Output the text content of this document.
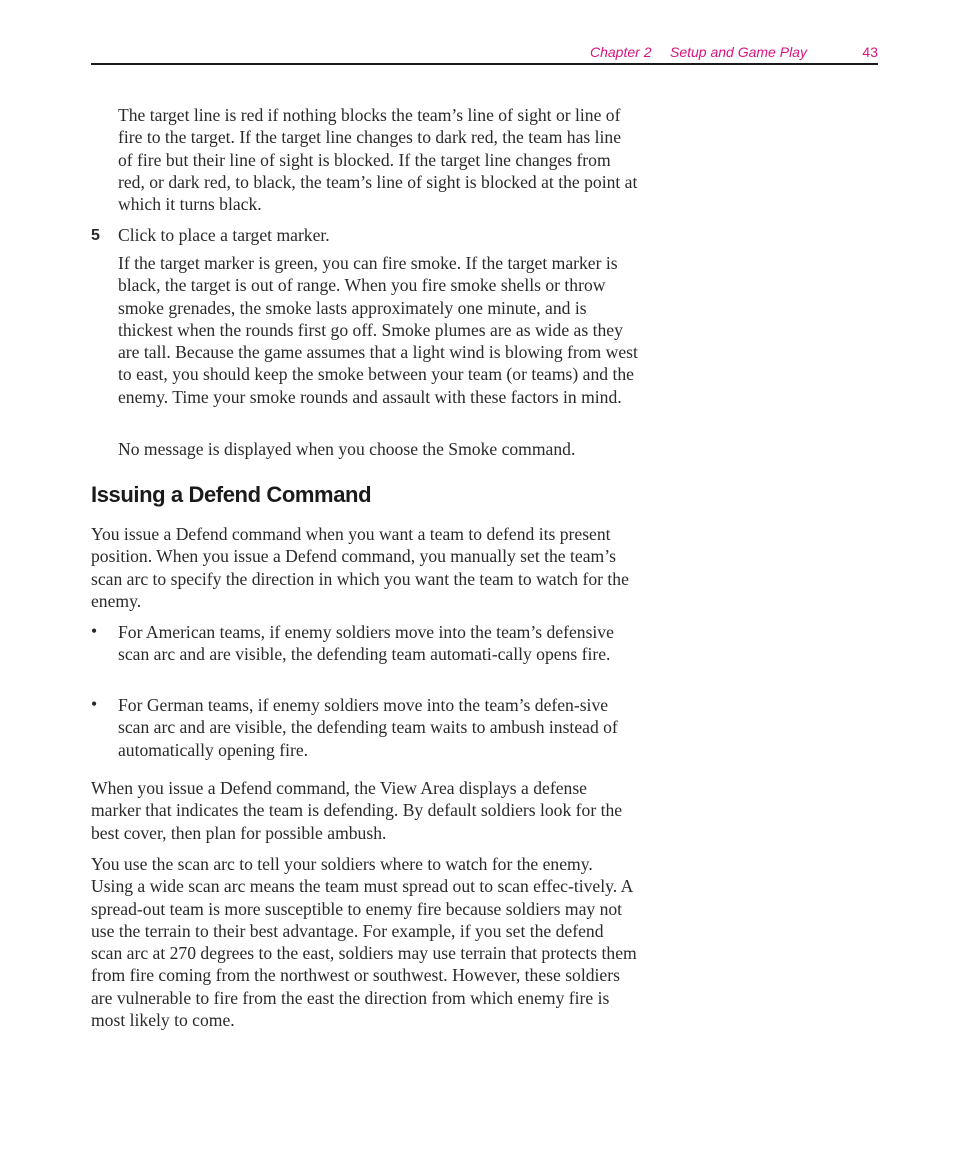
Chapter 2 Setup and Game Play	43

The target line is red if nothing blocks the team’s line of sight or line of fire to the target. If the target line changes to dark red, the team has line of fire but their line of sight is blocked. If the target line changes from red, or dark red, to black, the team’s line of sight is blocked at the point at which it turns black.

5 Click to place a target marker.

If the target marker is green, you can fire smoke. If the target marker is black, the target is out of range. When you fire smoke shells or throw smoke grenades, the smoke lasts approximately one minute, and is thickest when the rounds first go off. Smoke plumes are as wide as they are tall. Because the game assumes that a light wind is blowing from west to east, you should keep the smoke between your team (or teams) and the enemy. Time your smoke rounds and assault with these factors in mind.

No message is displayed when you choose the Smoke command.

Issuing a Defend Command

You issue a Defend command when you want a team to defend its present position. When you issue a Defend command, you manually set the team’s scan arc to specify the direction in which you want the team to watch for the enemy.

• For American teams, if enemy soldiers move into the team’s defensive scan arc and are visible, the defending team automati-cally opens fire.

• For German teams, if enemy soldiers move into the team’s defen-sive scan arc and are visible, the defending team waits to ambush instead of automatically opening fire.

When you issue a Defend command, the View Area displays a defense marker that indicates the team is defending. By default soldiers look for the best cover, then plan for possible ambush.

You use the scan arc to tell your soldiers where to watch for the enemy. Using a wide scan arc means the team must spread out to scan effec-tively. A spread-out team is more susceptible to enemy fire because soldiers may not use the terrain to their best advantage. For example, if you set the defend scan arc at 270 degrees to the east, soldiers may use terrain that protects them from fire coming from the northwest or southwest. However, these soldiers are vulnerable to fire from the east the direction from which enemy fire is most likely to come.
